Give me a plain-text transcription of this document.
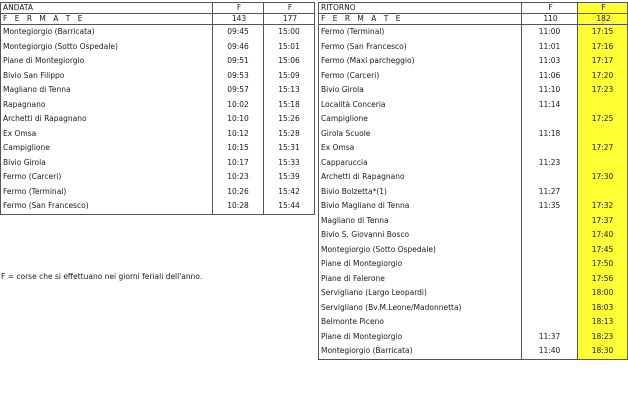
ANDATA	F	F
F E R M A T E	143	177
Montegiorgio (Barricata)	09:45	15:00
Montegiorgio (Sotto Ospedale)	09:46	15:01
Piane di Montegiorgio	09:51	15:06
Bivio San Filippo	09:53	15:09
Magliano di Tenna	09:57	15:13
Rapagnano	10:02	15:18
Archetti di Rapagnano	10:10	15:26
Ex Omsa	10:12	15:28
Campiglione	10:15	15:31
Bivio Girola	10:17	15:33
Fermo (Carceri)	10:23	15:39
Fermo (Terminal)	10:26	15:42
Fermo (San Francesco)	10:28	15:44
RITORNO	F	F
F E R M A T E	110	182
Fermo (Terminal)	11:00	17:15
Fermo (San Francesco)	11:01	17:16
Fermo (Maxi parcheggio)	11:03	17:17
Fermo (Carceri)	11:06	17:20
Bivio Girola	11:10	17:23
Località Conceria	11:14	
Campiglione		17:25
Girola Scuole	11:18	
Ex Omsa		17:27
Capparuccia	11:23	
Archetti di Rapagnano		17:30
Bivio Bolzetta*(1)	11:27	
Bivio Magliano di Tenna	11:35	17:32
Magliano di Tenna		17:37
Bivio S. Giovanni Bosco		17:40
Montegiorgio (Sotto Ospedale)		17:45
Piane di Montegiorgio		17:50
Piane di Falerone		17:56
Servigliano (Largo Leopardi)		18:00
Servigliano (Bv.M.Leone/Madonnetta)		18:03
Belmonte Piceno		18:13
Piane di Montegiorgio	11:37	18:23
Montegiorgio (Barricata)	11:40	18:30
F = corse che si effettuano nei giorni feriali dell'anno.
